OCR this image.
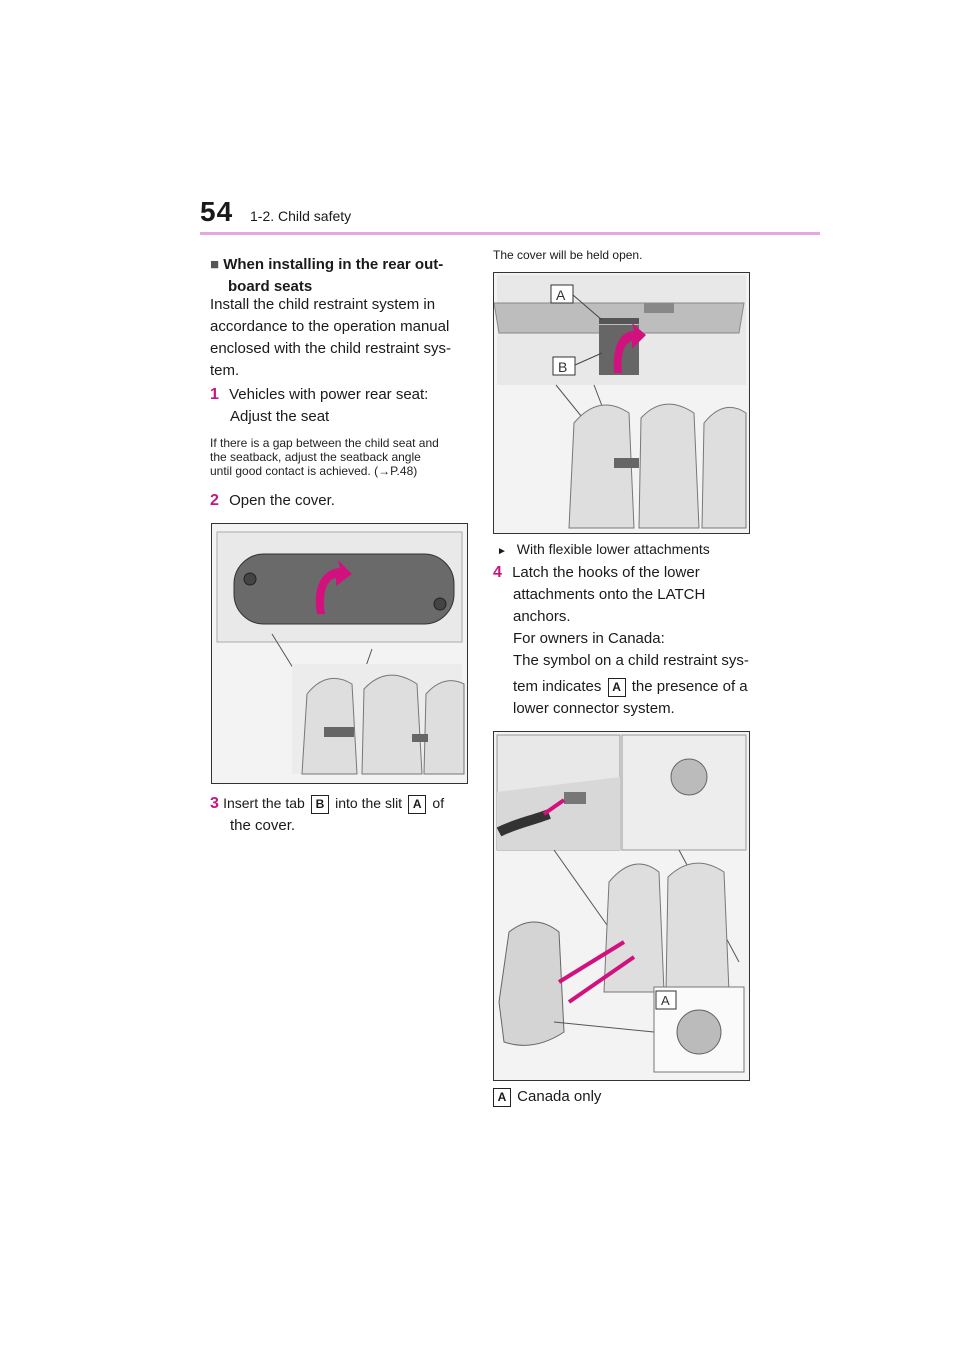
54 1-2. Child safety
■ When installing in the rear out-
board seats
Install the child restraint system in
accordance to the operation manual
enclosed with the child restraint sys-
tem.
1 Vehicles with power rear seat:
Adjust the seat
If there is a gap between the child seat and
the seatback, adjust the seatback angle
until good contact is achieved. (→P.48)
2 Open the cover.
3 Insert the tab B into the slit A of
the cover.
The cover will be held open.
A
B
► With flexible lower attachments
4 Latch the hooks of the lower
attachments onto the LATCH
anchors.
For owners in Canada:
The symbol on a child restraint sys-
tem indicates A the presence of a
lower connector system.
A
A Canada only
